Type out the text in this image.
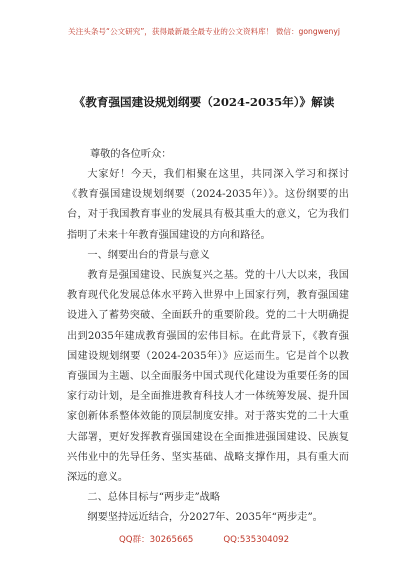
关注头条号“公文研究”，获得最新最全最专业的公文资料库！ 微信：gongwenyj
《教育强国建设规划纲要（2024-2035年）》解读
尊敬的各位听众：

大家好！今天，我们相聚在这里，共同深入学习和探讨《教育强国建设规划纲要（2024-2035年）》。这份纲要的出台，对于我国教育事业的发展具有极其重大的意义，它为我们指明了未来十年教育强国建设的方向和路径。

一、纲要出台的背景与意义

教育是强国建设、民族复兴之基。党的十八大以来，我国教育现代化发展总体水平跨入世界中上国家行列，教育强国建设进入了蓄势突破、全面跃升的重要阶段。党的二十大明确提出到2035年建成教育强国的宏伟目标。在此背景下，《教育强国建设规划纲要（2024-2035年）》应运而生。它是首个以教育强国为主题、以全面服务中国式现代化建设为重要任务的国家行动计划，是全面推进教育科技人才一体统筹发展、提升国家创新体系整体效能的顶层制度安排。对于落实党的二十大重大部署，更好发挥教育强国建设在全面推进强国建设、民族复兴伟业中的先导任务、坚实基础、战略支撑作用，具有重大而深远的意义。

二、总体目标与“两步走”战略

纲要坚持远近结合，分2027年、2035年“两步走”。

QQ群：30265665	QQ:535304092
